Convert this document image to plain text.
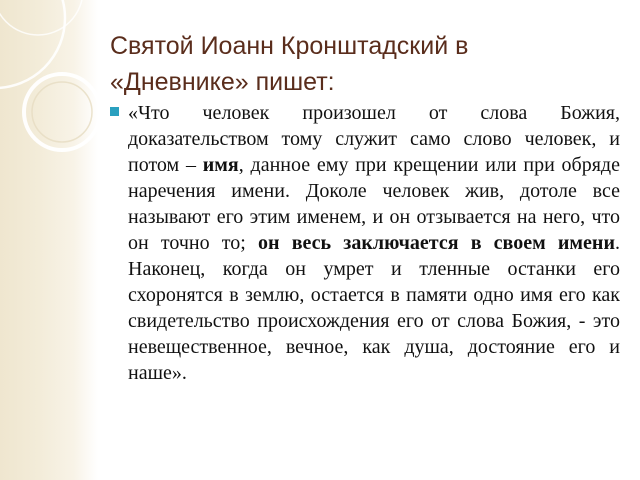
Святой Иоанн Кронштадский в
«Дневнике» пишет:

«Что человек произошел от слова Божия, доказательством тому служит само слово человек, и потом – имя, данное ему при крещении или при обряде наречения имени. Доколе человек жив, дотоле все называют его этим именем, и он отзывается на него, что он точно то; он весь заключается в своем имени. Наконец, когда он умрет и тленные останки его схоронятся в землю, остается в памяти одно имя его как свидетельство происхождения его от слова Божия, - это невещественное, вечное, как душа, достояние его и наше».
